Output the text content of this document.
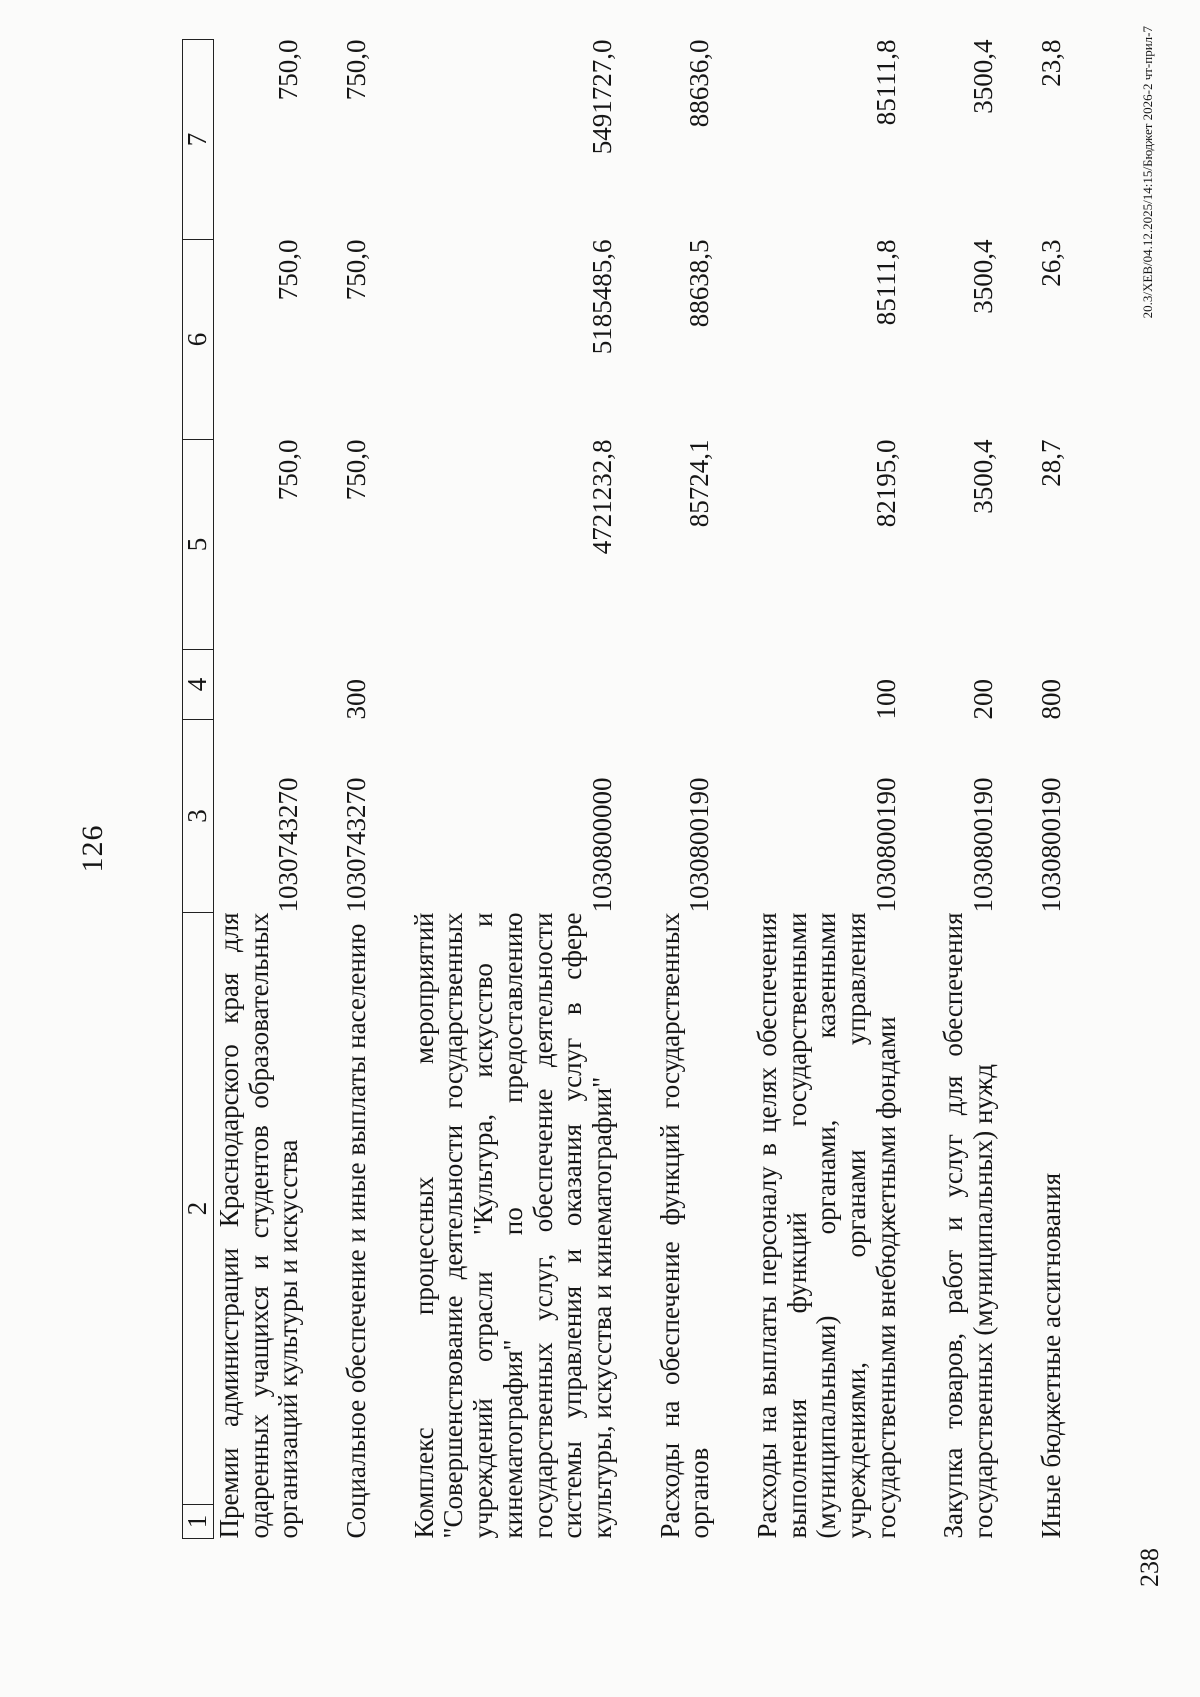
126
1	2	3	4	5	6	7
Премии администрации Краснодарского края для одаренных учащихся и студентов образовательных организаций культуры и искусства		1030743270		750,0	750,0	750,0
Социальное обеспечение и иные выплаты населению		1030743270	300	750,0	750,0	750,0
Комплекс процессных мероприятий "Совершенствование деятельности государственных учреждений отрасли "Культура, искусство и кинематография" по предоставлению государственных услуг, обеспечение деятельности системы управления и оказания услуг в сфере культуры, искусства и кинематографии"		1030800000		4721232,8	5185485,6	5491727,0
Расходы на обеспечение функций государственных органов		1030800190		85724,1	88638,5	88636,0
Расходы на выплаты персоналу в целях обеспечения выполнения функций государственными (муниципальными) органами, казенными учреждениями, органами управления государственными внебюджетными фондами		1030800190	100	82195,0	85111,8	85111,8
Закупка товаров, работ и услуг для обеспечения государственных (муниципальных) нужд		1030800190	200	3500,4	3500,4	3500,4
Иные бюджетные ассигнования		1030800190	800	28,7	26,3	23,8
238
20.3/XEB/04.12.2025/14:15/Бюджет 2026-2 чт-прил-7
